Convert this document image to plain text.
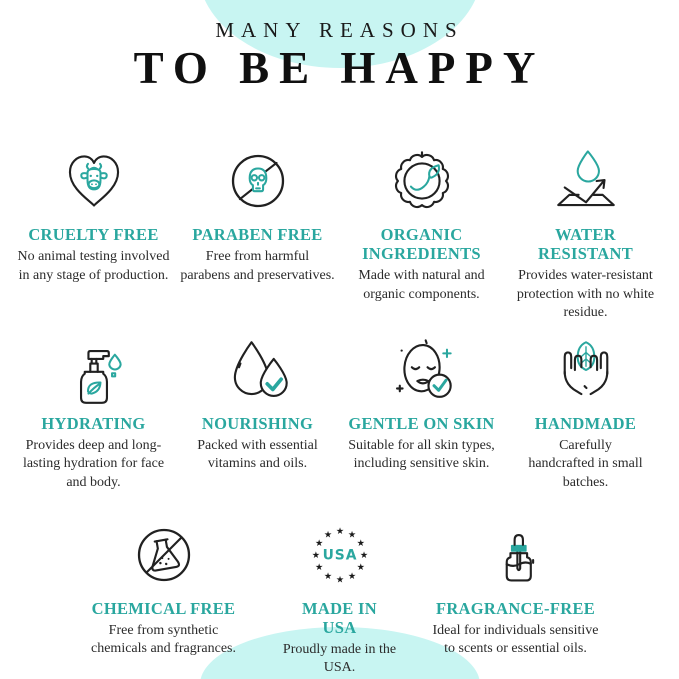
MANY REASONS
TO BE HAPPY
CRUELTY FREE

No animal testing involved in any stage of production.

PARABEN FREE

Free from harmful parabens and preservatives.

ORGANIC INGREDIENTS

Made with natural and organic components.

WATER RESISTANT

Provides water-resistant protection with no white residue.

HYDRATING

Provides deep and long-lasting hydration for face and body.

NOURISHING

Packed with essential vitamins and oils.

GENTLE ON SKIN

Suitable for all skin types, including sensitive skin.

HANDMADE

Carefully handcrafted in small batches.

CHEMICAL FREE

Free from synthetic chemicals and fragrances.

★
★
★
★
★
★
★
★
★ ★ ★
★
USA
MADE IN USA

Proudly made in the USA.

FRAGRANCE-FREE

Ideal for individuals sensitive to scents or essential oils.
